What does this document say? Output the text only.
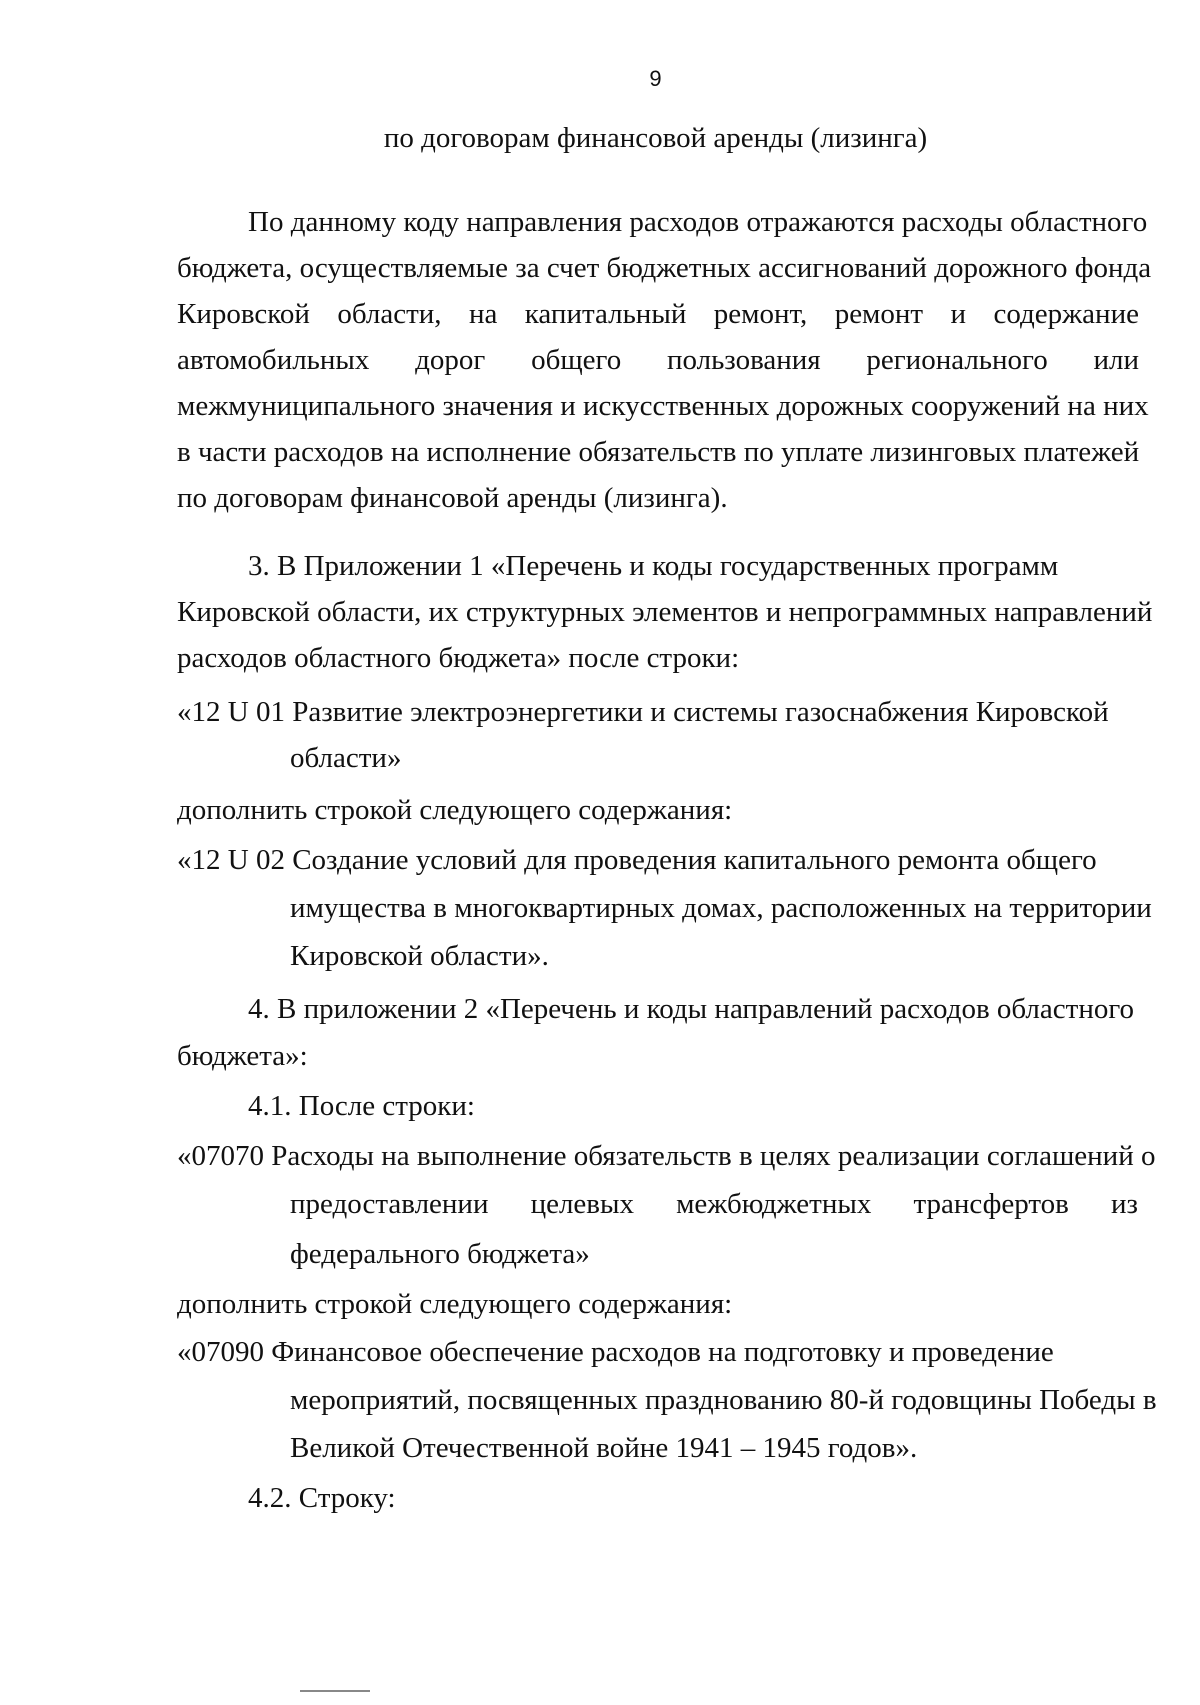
9
по договорам финансовой аренды (лизинга)
По данному коду направления расходов отражаются расходы областного
бюджета, осуществляемые за счет бюджетных ассигнований дорожного фонда
Кировской области, на капитальный ремонт, ремонт и содержание
автомобильных дорог общего пользования регионального или
межмуниципального значения и искусственных дорожных сооружений на них
в части расходов на исполнение обязательств по уплате лизинговых платежей
по договорам финансовой аренды (лизинга).
3. В Приложении 1 «Перечень и коды государственных программ
Кировской области, их структурных элементов и непрограммных направлений
расходов областного бюджета» после строки:
«12 U 01 Развитие электроэнергетики и системы газоснабжения Кировской
области»
дополнить строкой следующего содержания:
«12 U 02 Создание условий для проведения капитального ремонта общего
имущества в многоквартирных домах, расположенных на территории
Кировской области».
4. В приложении 2 «Перечень и коды направлений расходов областного
бюджета»:
4.1. После строки:
«07070 Расходы на выполнение обязательств в целях реализации соглашений о
предоставлении целевых межбюджетных трансфертов из
федерального бюджета»
дополнить строкой следующего содержания:
«07090 Финансовое обеспечение расходов на подготовку и проведение
мероприятий, посвященных празднованию 80-й годовщины Победы в
Великой Отечественной войне 1941 – 1945 годов».
4.2. Строку:
